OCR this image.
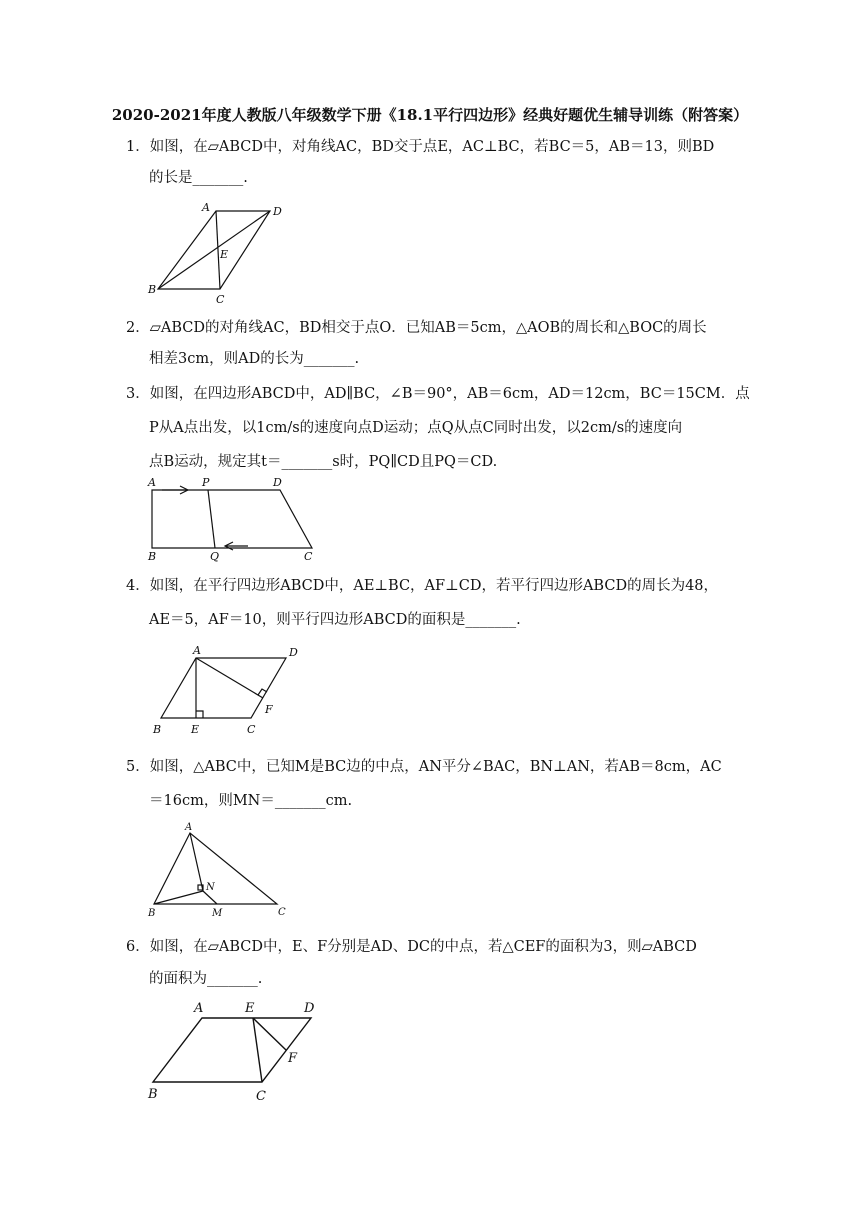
2020-2021年度人教版八年级数学下册《18.1平行四边形》经典好题优生辅导训练（附答案）
1．如图，在▱ABCD中，对角线AC，BD交于点E，AC⊥BC，若BC＝5，AB＝13，则BD
的长是_______.
A	D
E
B
C
2．▱ABCD的对角线AC，BD相交于点O．已知AB＝5cm，△AOB的周长和△BOC的周长
相差3cm，则AD的长为_______.
3．如图，在四边形ABCD中，AD∥BC，∠B＝90°，AB＝6cm，AD＝12cm，BC＝15CM．点
P从A点出发，以1cm/s的速度向点D运动；点Q从点C同时出发，以2cm/s的速度向
点B运动，规定其t＝_______s时，PQ∥CD且PQ＝CD.
A	P	D
B	Q	C
4．如图，在平行四边形ABCD中，AE⊥BC，AF⊥CD，若平行四边形ABCD的周长为48，
AE＝5，AF＝10，则平行四边形ABCD的面积是_______.
A	D
F
B	E	C
5．如图，△ABC中，已知M是BC边的中点，AN平分∠BAC，BN⊥AN，若AB＝8cm，AC
＝16cm，则MN＝_______cm.
A
N
B	M	C
6．如图，在▱ABCD中，E、F分别是AD、DC的中点，若△CEF的面积为3，则▱ABCD
的面积为_______.
A	E	D
F
B	C
